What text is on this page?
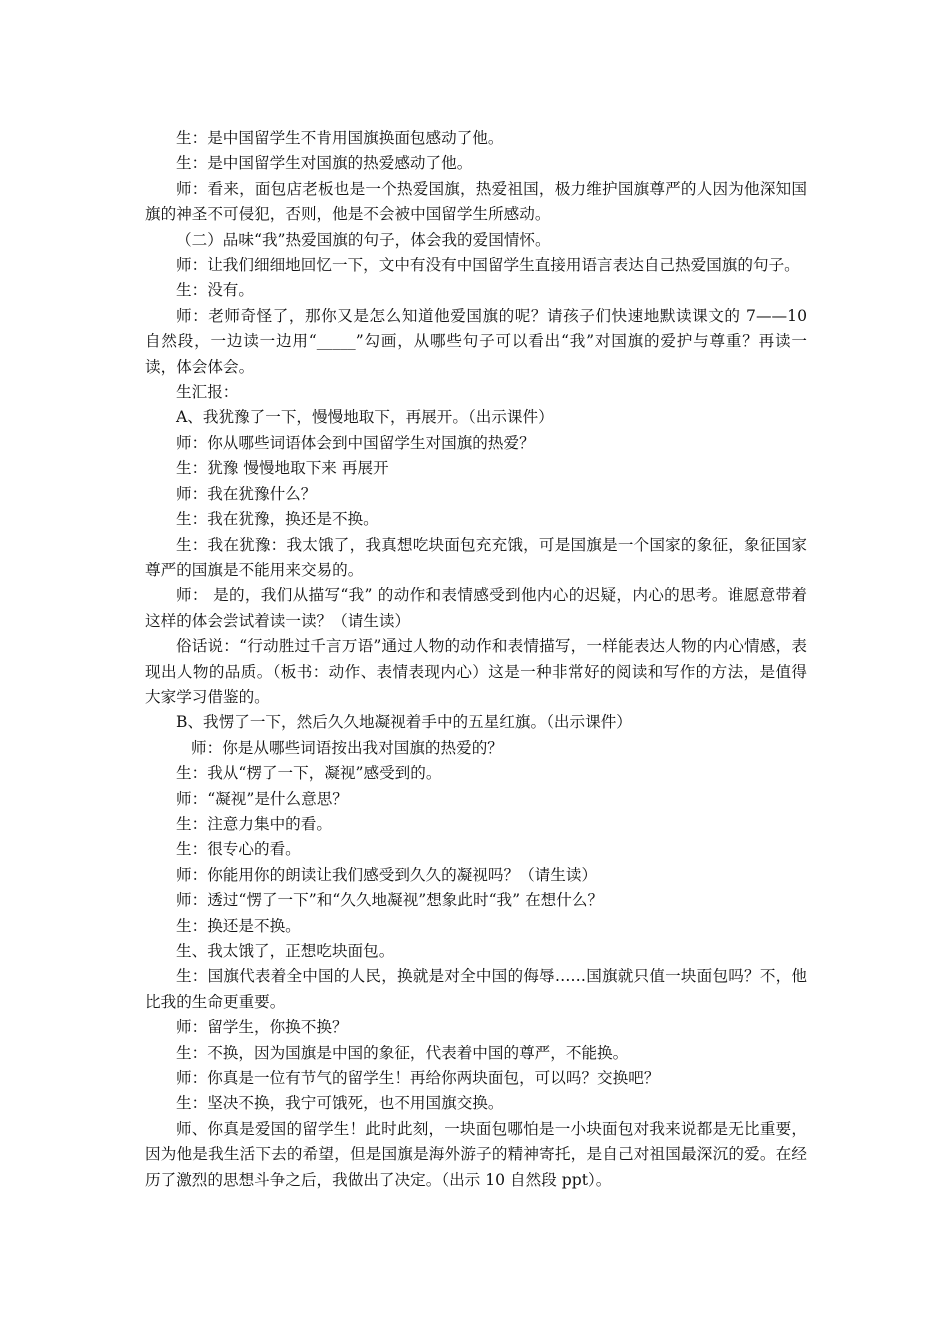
生：是中国留学生不肯用国旗换面包感动了他。

生：是中国留学生对国旗的热爱感动了他。

师：看来，面包店老板也是一个热爱国旗，热爱祖国，极力维护国旗尊严的人因为他深知国旗的神圣不可侵犯，否则，他是不会被中国留学生所感动。

（二）品味“我”热爱国旗的句子，体会我的爱国情怀。

师：让我们细细地回忆一下，文中有没有中国留学生直接用语言表达自己热爱国旗的句子。

生：没有。

师：老师奇怪了，那你又是怎么知道他爱国旗的呢？请孩子们快速地默读课文的 7——10 自然段，一边读一边用“_____”勾画，从哪些句子可以看出“我”对国旗的爱护与尊重？再读一读，体会体会。

生汇报：

A、我犹豫了一下，慢慢地取下，再展开。（出示课件）

师：你从哪些词语体会到中国留学生对国旗的热爱？

生：犹豫 慢慢地取下来 再展开

师：我在犹豫什么？

生：我在犹豫，换还是不换。

生：我在犹豫：我太饿了，我真想吃块面包充充饿，可是国旗是一个国家的象征，象征国家尊严的国旗是不能用来交易的。

师： 是的，我们从描写“我” 的动作和表情感受到他内心的迟疑，内心的思考。谁愿意带着这样的体会尝试着读一读？（请生读）

俗话说：“行动胜过千言万语”通过人物的动作和表情描写，一样能表达人物的内心情感，表现出人物的品质。（板书：动作、表情表现内心）这是一种非常好的阅读和写作的方法，是值得大家学习借鉴的。

B、我愣了一下，然后久久地凝视着手中的五星红旗。（出示课件）

师：你是从哪些词语按出我对国旗的热爱的？

生：我从“楞了一下，凝视”感受到的。

师：“凝视”是什么意思？

生：注意力集中的看。

生：很专心的看。

师：你能用你的朗读让我们感受到久久的凝视吗？（请生读）

师：透过“愣了一下”和“久久地凝视”想象此时“我” 在想什么？

生：换还是不换。

生、我太饿了，正想吃块面包。

生：国旗代表着全中国的人民，换就是对全中国的侮辱……国旗就只值一块面包吗？不，他比我的生命更重要。

师：留学生，你换不换？

生：不换，因为国旗是中国的象征，代表着中国的尊严，不能换。

师：你真是一位有节气的留学生！再给你两块面包，可以吗？交换吧？

生：坚决不换，我宁可饿死，也不用国旗交换。

师、你真是爱国的留学生！此时此刻，一块面包哪怕是一小块面包对我来说都是无比重要，因为他是我生活下去的希望，但是国旗是海外游子的精神寄托，是自己对祖国最深沉的爱。在经历了激烈的思想斗争之后，我做出了决定。（出示 10 自然段 ppt）。
